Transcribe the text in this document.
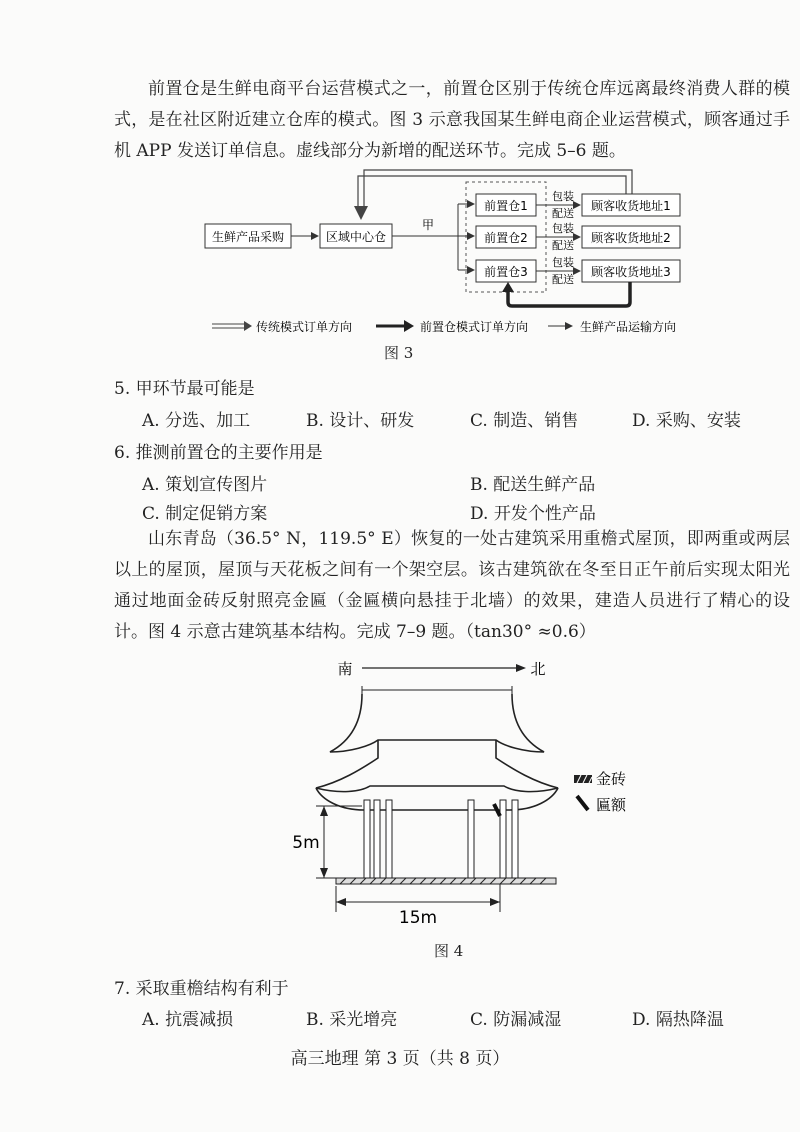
前置仓是生鲜电商平台运营模式之一，前置仓区别于传统仓库远离最终消费人群的模式，是在社区附近建立仓库的模式。图 3 示意我国某生鲜电商企业运营模式，顾客通过手机 APP 发送订单信息。虚线部分为新增的配送环节。完成 5–6 题。

生鲜产品采购	区域中心仓
甲
前置仓1
前置仓2
前置仓3
包装
配送
包装
配送
包装
配送
顾客收货地址1
顾客收货地址2
顾客收货地址3
传统模式订单方向	前置仓模式订单方向	生鲜产品运输方向
图 3

5. 甲环节最可能是

A. 分选、加工	B. 设计、研发	C. 制造、销售	D. 采购、安装

6. 推测前置仓的主要作用是

A. 策划宣传图片	B. 配送生鲜产品
C. 制定促销方案	D. 开发个性产品

山东青岛（36.5° N，119.5° E）恢复的一处古建筑采用重檐式屋顶，即两重或两层以上的屋顶，屋顶与天花板之间有一个架空层。该古建筑欲在冬至日正午前后实现太阳光通过地面金砖反射照亮金匾（金匾横向悬挂于北墙）的效果，建造人员进行了精心的设计。图 4 示意古建筑基本结构。完成 7–9 题。（tan30° ≈0.6）

南	北
5m
15m
金砖
匾额
图 4

7. 采取重檐结构有利于

A. 抗震减损	B. 采光增亮	C. 防漏减湿	D. 隔热降温
高三地理 第 3 页（共 8 页）
